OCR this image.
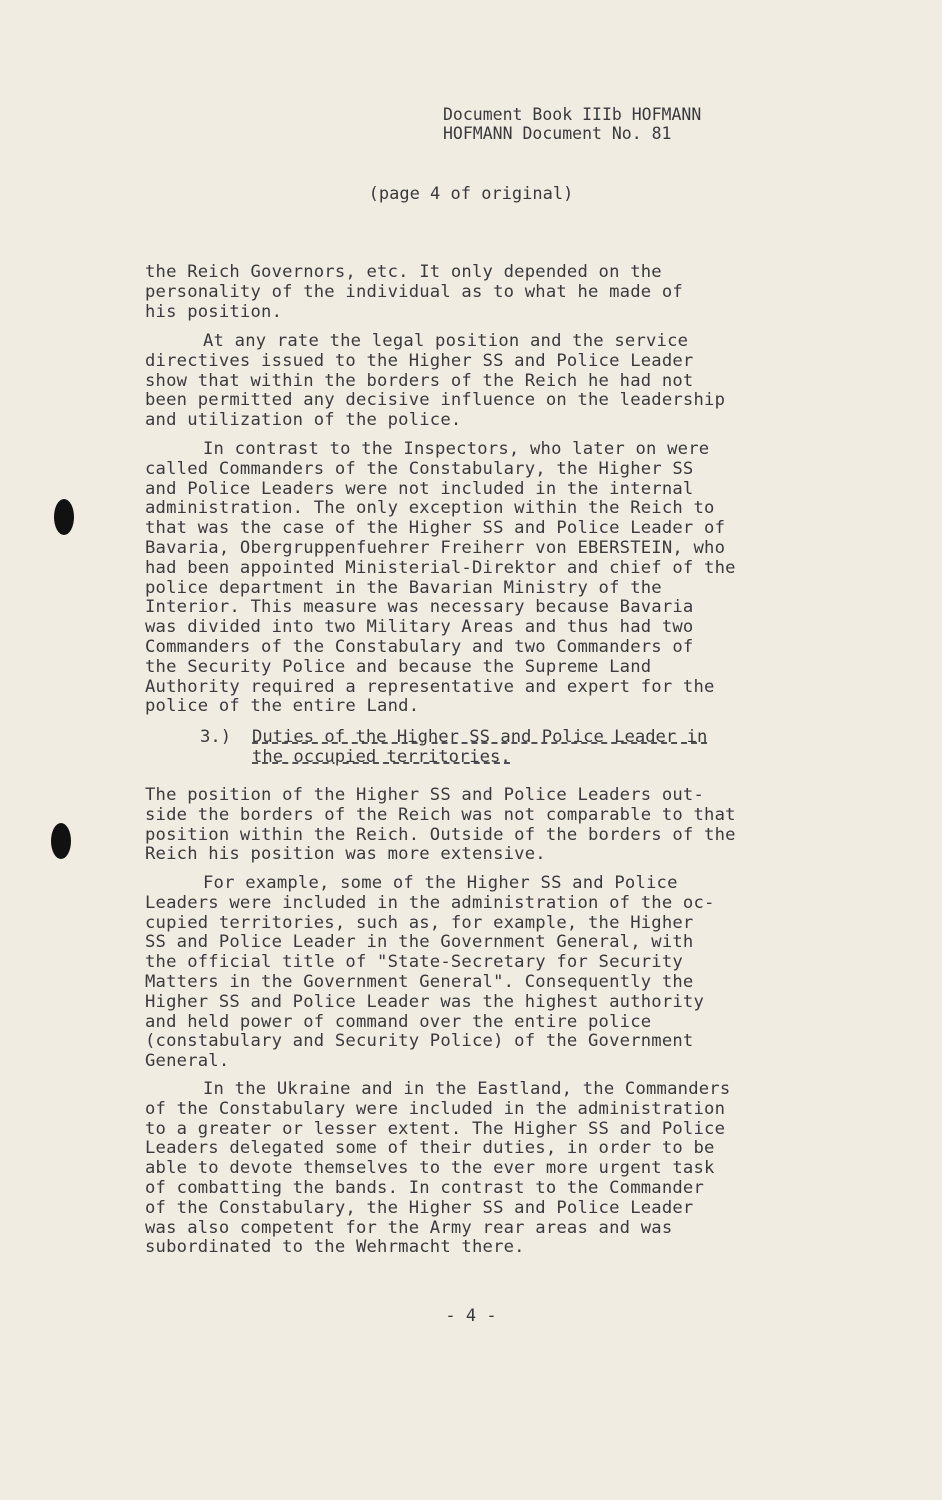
Document Book IIIb HOFMANN
HOFMANN Document No. 81
(page 4 of original)
the Reich Governors, etc. It only depended on the
personality of the individual as to what he made of
his position.
At any rate the legal position and the service
directives issued to the Higher SS and Police Leader
show that within the borders of the Reich he had not
been permitted any decisive influence on the leadership
and utilization of the police.
In contrast to the Inspectors, who later on were
called Commanders of the Constabulary, the Higher SS
and Police Leaders were not included in the internal
administration. The only exception within the Reich to
that was the case of the Higher SS and Police Leader of
Bavaria, Obergruppenfuehrer Freiherr von EBERSTEIN, who
had been appointed Ministerial-Direktor and chief of the
police department in the Bavarian Ministry of the
Interior. This measure was necessary because Bavaria
was divided into two Military Areas and thus had two
Commanders of the Constabulary and two Commanders of
the Security Police and because the Supreme Land
Authority required a representative and expert for the
police of the entire Land.
3.) Duties of the Higher SS and Police Leader in
the occupied territories.
The position of the Higher SS and Police Leaders out-
side the borders of the Reich was not comparable to that
position within the Reich. Outside of the borders of the
Reich his position was more extensive.
For example, some of the Higher SS and Police
Leaders were included in the administration of the oc-
cupied territories, such as, for example, the Higher
SS and Police Leader in the Government General, with
the official title of "State-Secretary for Security
Matters in the Government General". Consequently the
Higher SS and Police Leader was the highest authority
and held power of command over the entire police
(constabulary and Security Police) of the Government
General.
In the Ukraine and in the Eastland, the Commanders
of the Constabulary were included in the administration
to a greater or lesser extent. The Higher SS and Police
Leaders delegated some of their duties, in order to be
able to devote themselves to the ever more urgent task
of combatting the bands. In contrast to the Commander
of the Constabulary, the Higher SS and Police Leader
was also competent for the Army rear areas and was
subordinated to the Wehrmacht there.
- 4 -
